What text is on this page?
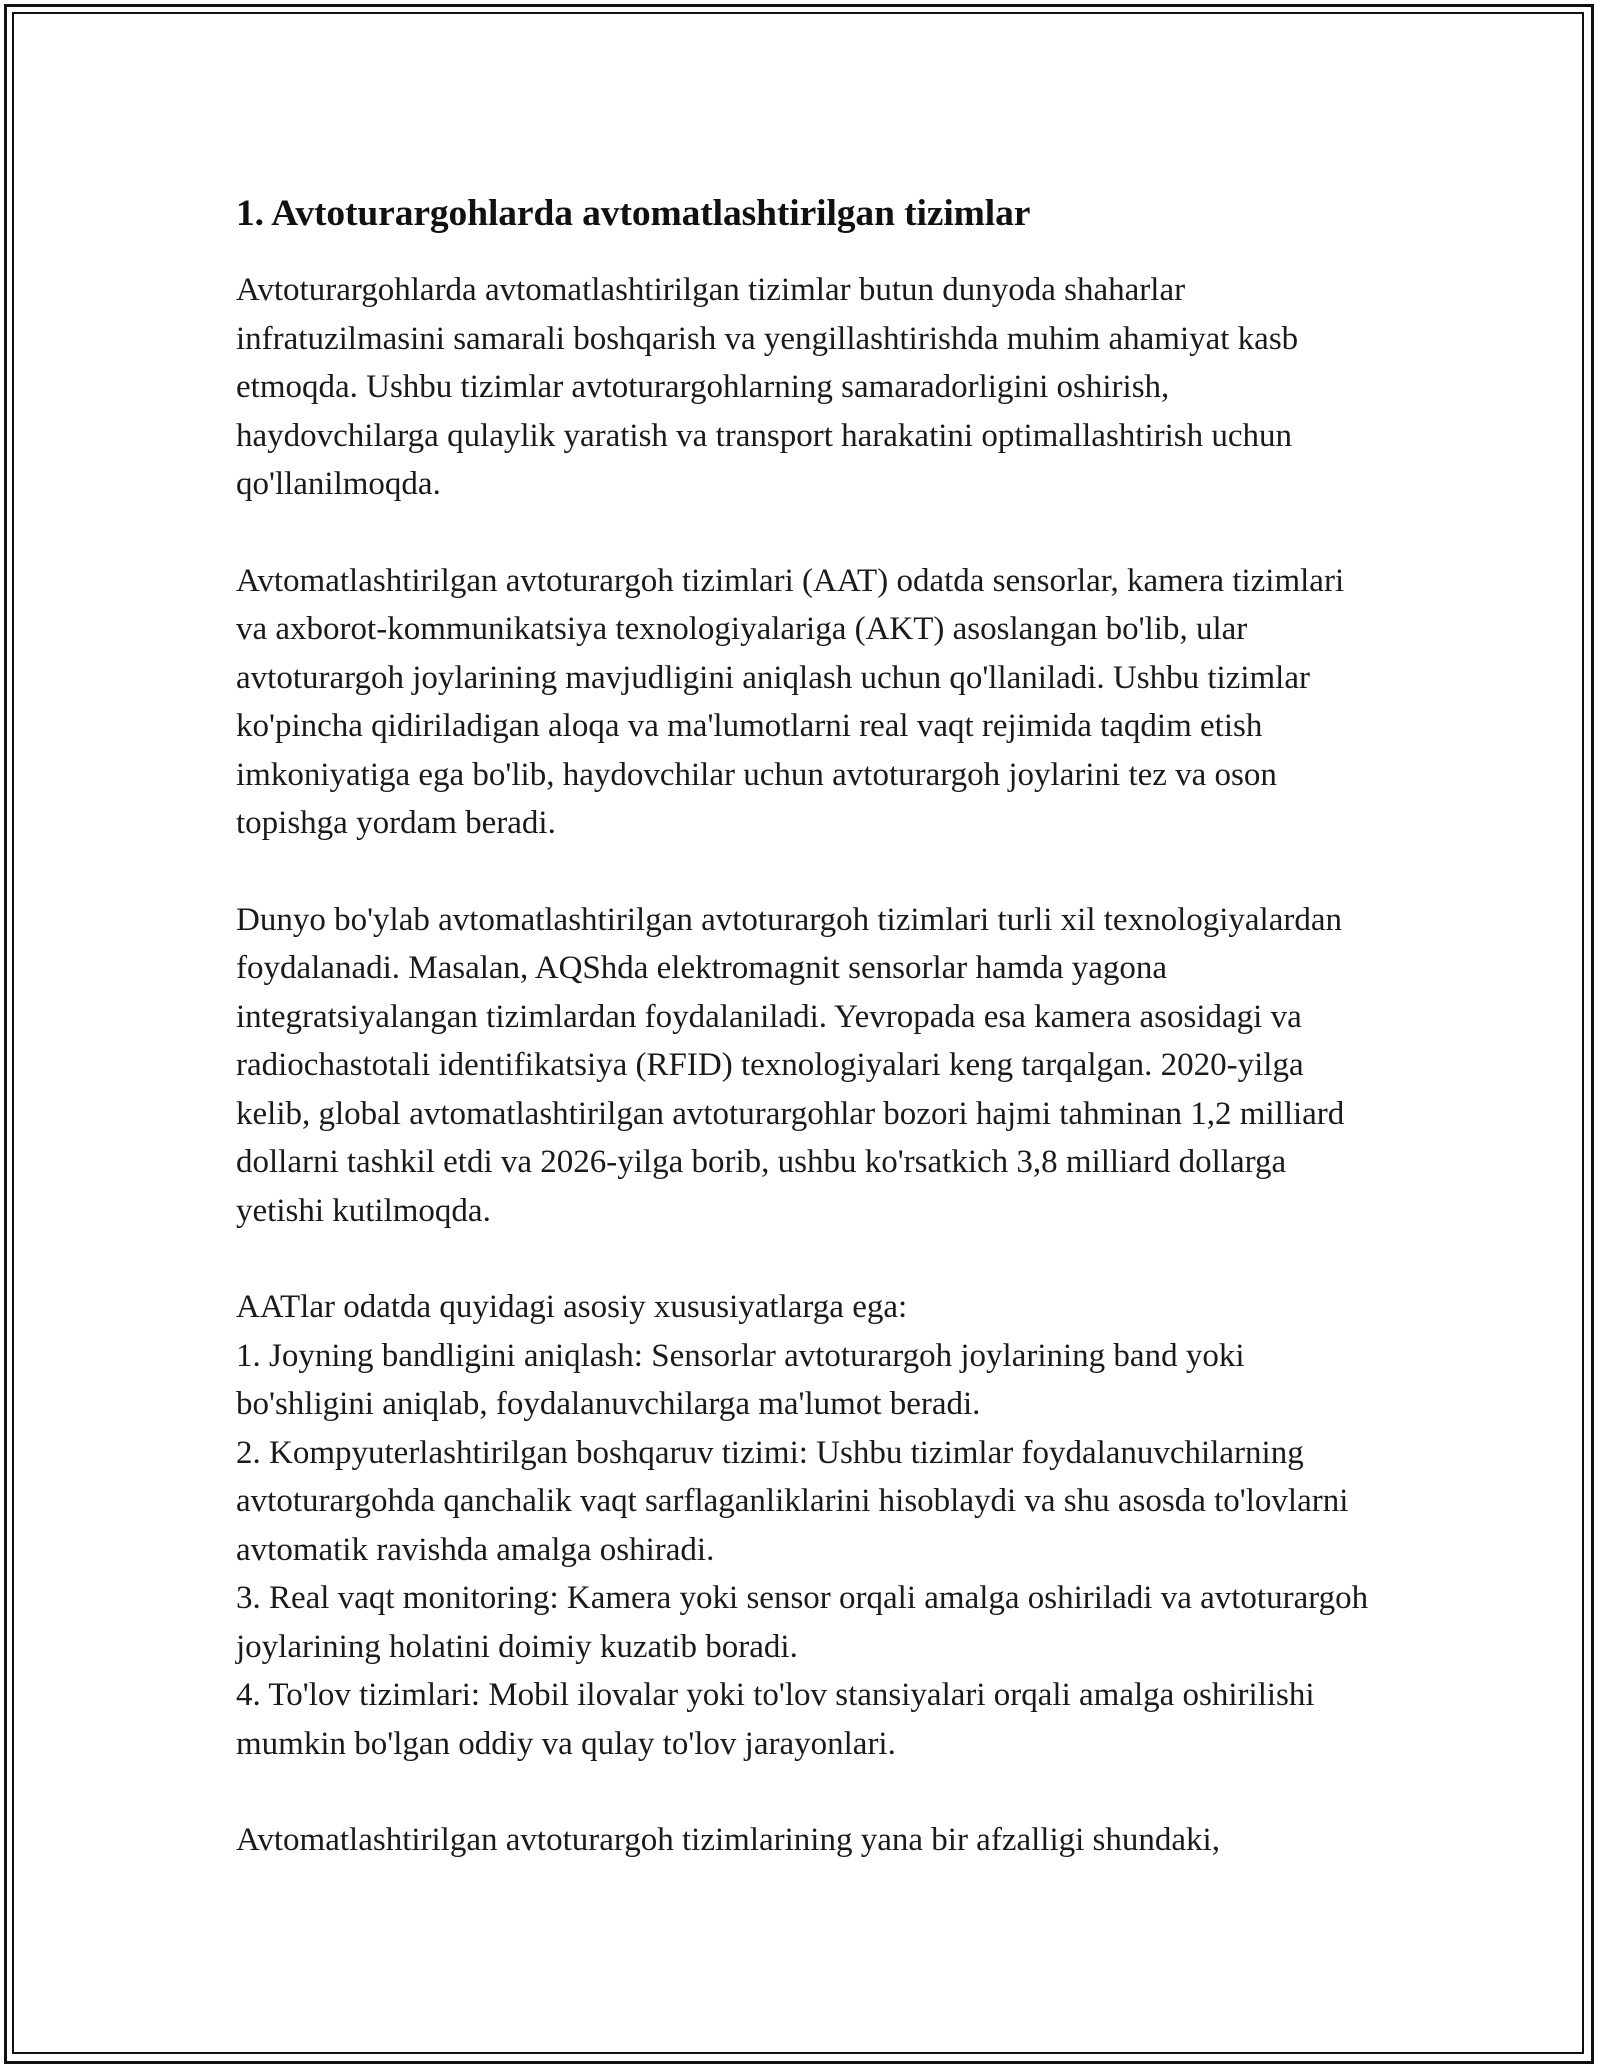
1. Avtoturargohlarda avtomatlashtirilgan tizimlar

Avtoturargohlarda avtomatlashtirilgan tizimlar butun dunyoda shaharlar infratuzilmasini samarali boshqarish va yengillashtirishda muhim ahamiyat kasb etmoqda. Ushbu tizimlar avtoturargohlarning samaradorligini oshirish, haydovchilarga qulaylik yaratish va transport harakatini optimallashtirish uchun qo'llanilmoqda.

Avtomatlashtirilgan avtoturargoh tizimlari (AAT) odatda sensorlar, kamera tizimlari va axborot-kommunikatsiya texnologiyalariga (AKT) asoslangan bo'lib, ular avtoturargoh joylarining mavjudligini aniqlash uchun qo'llaniladi. Ushbu tizimlar ko'pincha qidiriladigan aloqa va ma'lumotlarni real vaqt rejimida taqdim etish imkoniyatiga ega bo'lib, haydovchilar uchun avtoturargoh joylarini tez va oson topishga yordam beradi.

Dunyo bo'ylab avtomatlashtirilgan avtoturargoh tizimlari turli xil texnologiyalardan foydalanadi. Masalan, AQShda elektromagnit sensorlar hamda yagona integratsiyalangan tizimlardan foydalaniladi. Yevropada esa kamera asosidagi va radiochastotali identifikatsiya (RFID) texnologiyalari keng tarqalgan. 2020-yilga kelib, global avtomatlashtirilgan avtoturargohlar bozori hajmi tahminan 1,2 milliard dollarni tashkil etdi va 2026-yilga borib, ushbu ko'rsatkich 3,8 milliard dollarga yetishi kutilmoqda.

AATlar odatda quyidagi asosiy xususiyatlarga ega:
1. Joyning bandligini aniqlash: Sensorlar avtoturargoh joylarining band yoki bo'shligini aniqlab, foydalanuvchilarga ma'lumot beradi.
2. Kompyuterlashtirilgan boshqaruv tizimi: Ushbu tizimlar foydalanuvchilarning avtoturargohda qanchalik vaqt sarflaganliklarini hisoblaydi va shu asosda to'lovlarni avtomatik ravishda amalga oshiradi.
3. Real vaqt monitoring: Kamera yoki sensor orqali amalga oshiriladi va avtoturargoh joylarining holatini doimiy kuzatib boradi.
4. To'lov tizimlari: Mobil ilovalar yoki to'lov stansiyalari orqali amalga oshirilishi mumkin bo'lgan oddiy va qulay to'lov jarayonlari.

Avtomatlashtirilgan avtoturargoh tizimlarining yana bir afzalligi shundaki,
